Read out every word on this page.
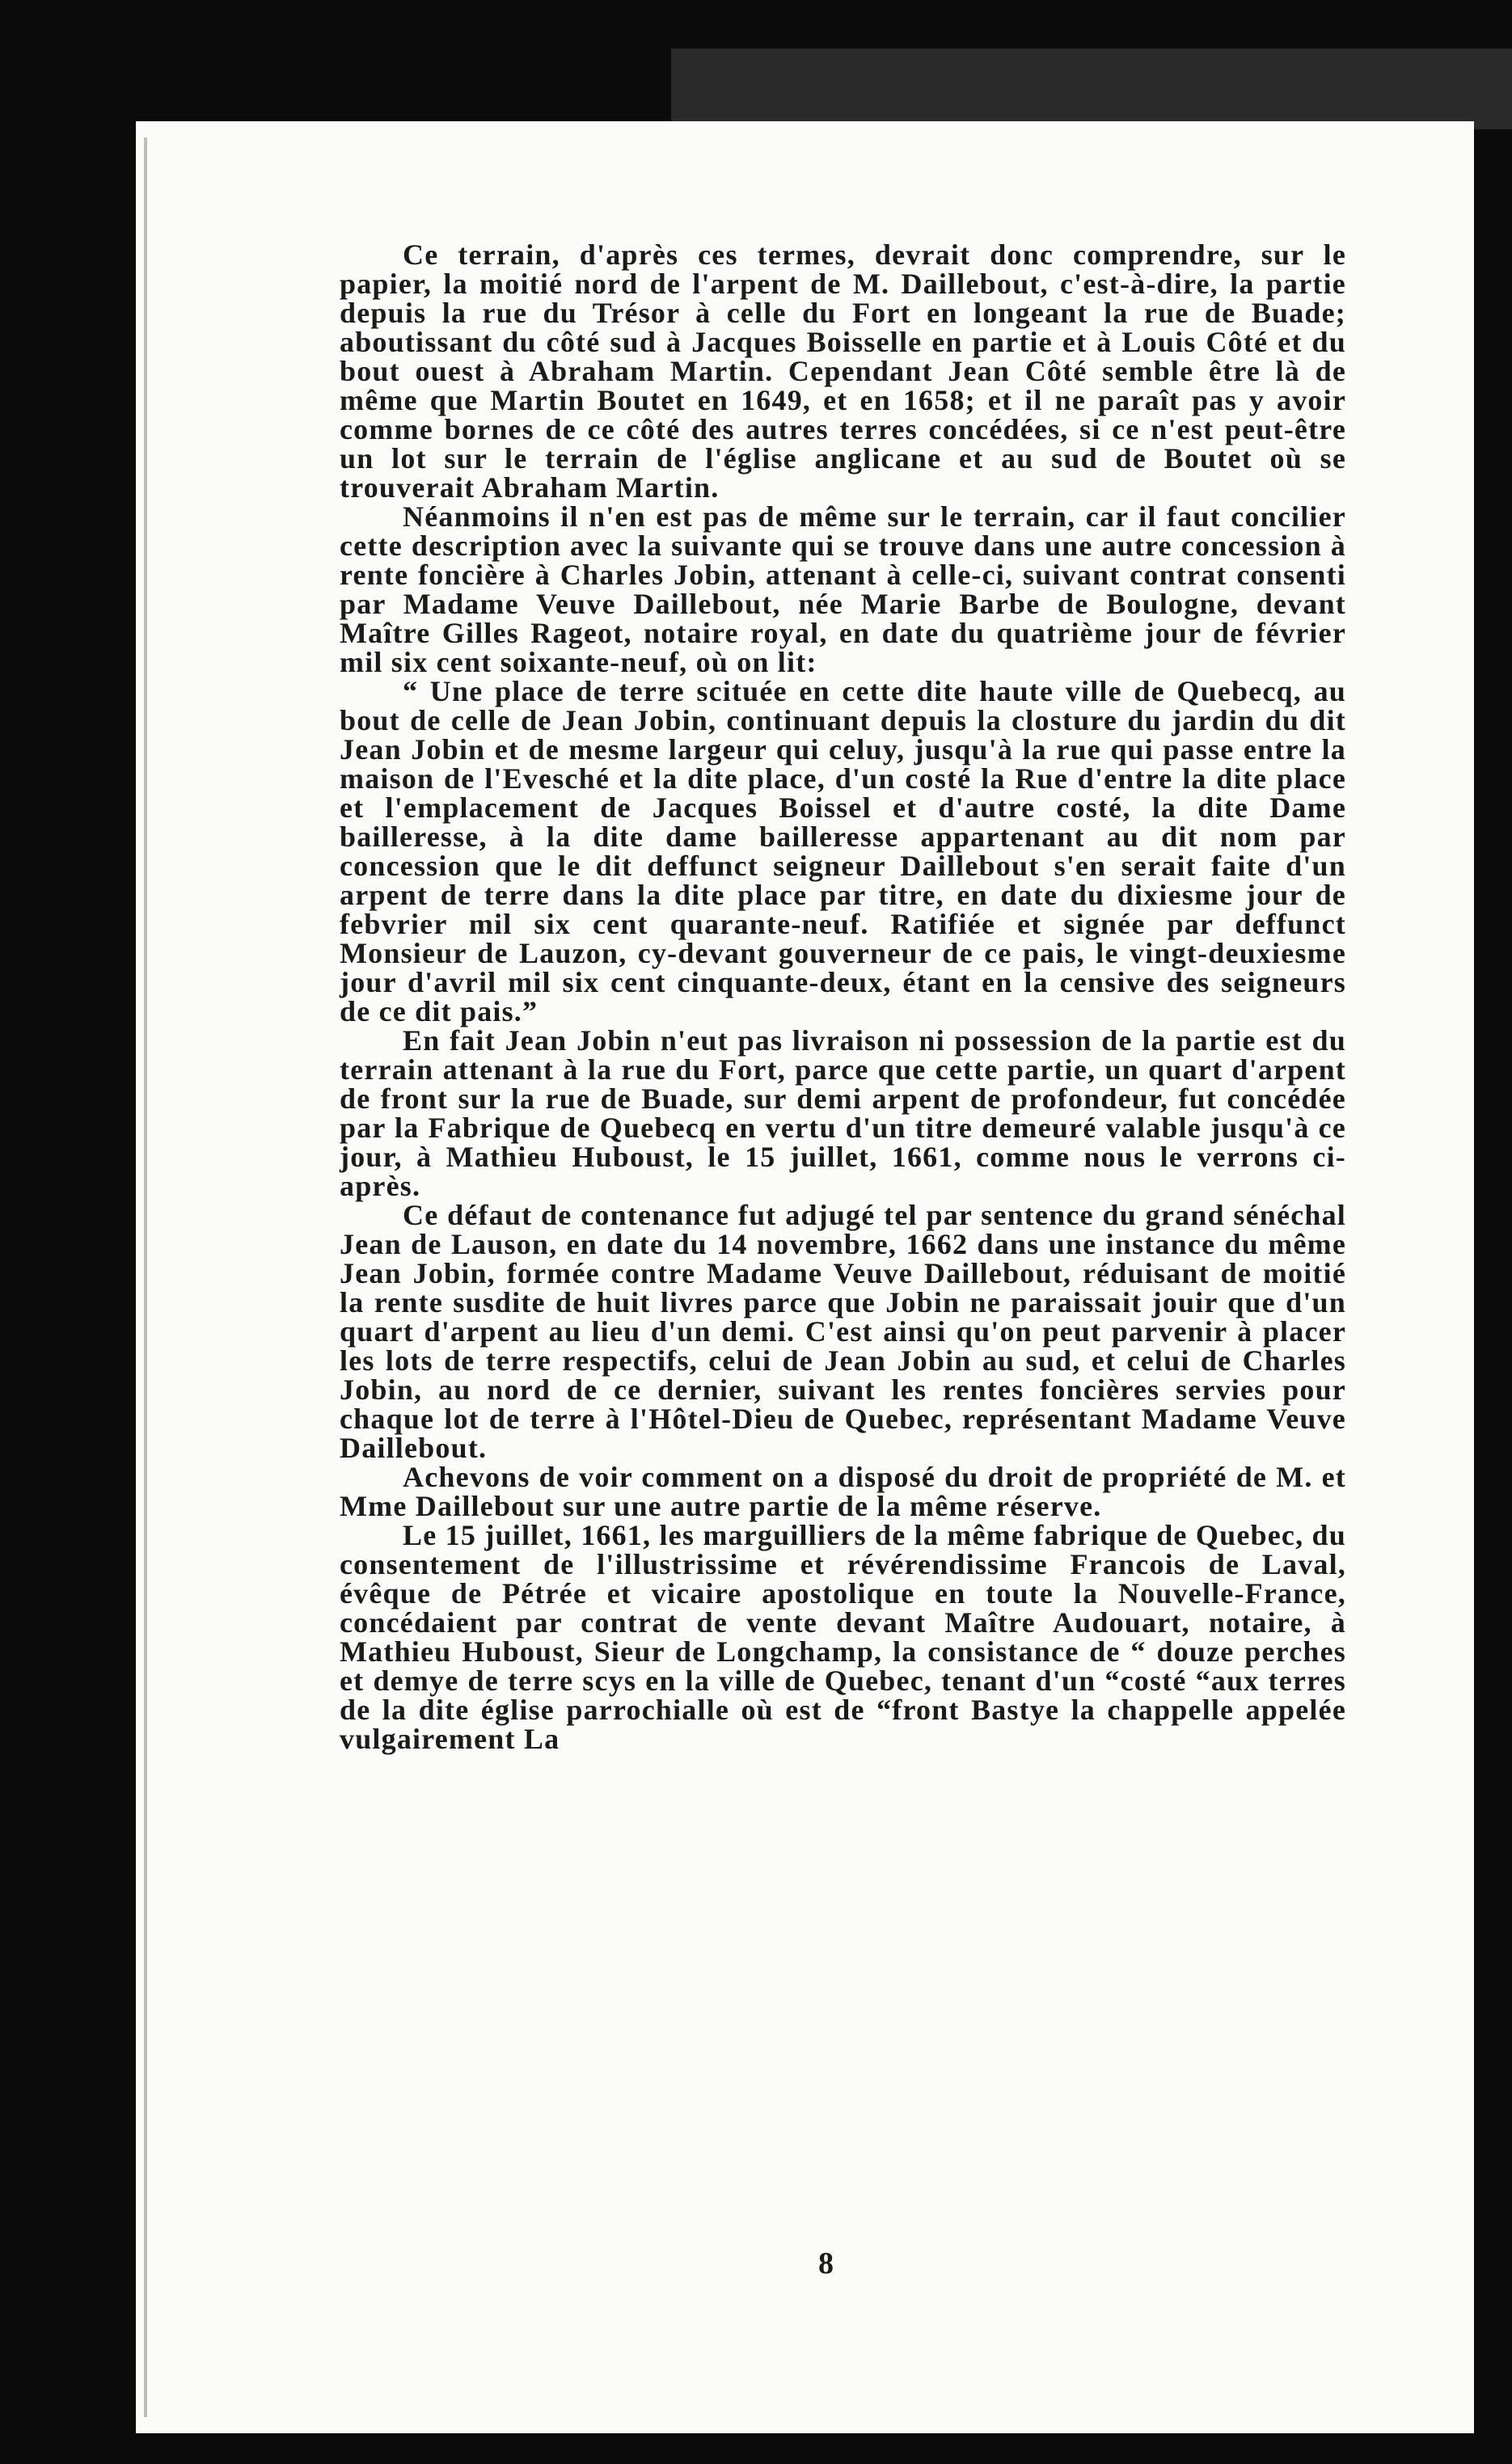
Ce terrain, d'après ces termes, devrait donc comprendre, sur le papier, la moitié nord de l'arpent de M. Daillebout, c'est-à-dire, la partie depuis la rue du Trésor à celle du Fort en longeant la rue de Buade; aboutissant du côté sud à Jacques Boisselle en partie et à Louis Côté et du bout ouest à Abraham Martin. Cependant Jean Côté semble être là de même que Martin Boutet en 1649, et en 1658; et il ne paraît pas y avoir comme bornes de ce côté des autres terres concédées, si ce n'est peut-être un lot sur le terrain de l'église anglicane et au sud de Boutet où se trouverait Abraham Martin.

Néanmoins il n'en est pas de même sur le terrain, car il faut concilier cette description avec la suivante qui se trouve dans une autre concession à rente foncière à Charles Jobin, attenant à celle-ci, suivant contrat consenti par Madame Veuve Daillebout, née Marie Barbe de Boulogne, devant Maître Gilles Rageot, notaire royal, en date du quatrième jour de février mil six cent soixante-neuf, où on lit:

“ Une place de terre scituée en cette dite haute ville de Quebecq, au bout de celle de Jean Jobin, continuant depuis la closture du jardin du dit Jean Jobin et de mesme largeur qui celuy, jusqu'à la rue qui passe entre la maison de l'Evesché et la dite place, d'un costé la Rue d'entre la dite place et l'emplacement de Jacques Boissel et d'autre costé, la dite Dame bailleresse, à la dite dame bailleresse appartenant au dit nom par concession que le dit deffunct seigneur Daillebout s'en serait faite d'un arpent de terre dans la dite place par titre, en date du dixiesme jour de febvrier mil six cent quarante-neuf. Ratifiée et signée par deffunct Monsieur de Lauzon, cy-devant gouverneur de ce pais, le vingt-deuxiesme jour d'avril mil six cent cinquante-deux, étant en la censive des seigneurs de ce dit pais.”

En fait Jean Jobin n'eut pas livraison ni possession de la partie est du terrain attenant à la rue du Fort, parce que cette partie, un quart d'arpent de front sur la rue de Buade, sur demi arpent de profondeur, fut concédée par la Fabrique de Quebecq en vertu d'un titre demeuré valable jusqu'à ce jour, à Mathieu Huboust, le 15 juillet, 1661, comme nous le verrons ci-après.

Ce défaut de contenance fut adjugé tel par sentence du grand sénéchal Jean de Lauson, en date du 14 novembre, 1662 dans une instance du même Jean Jobin, formée contre Madame Veuve Daillebout, réduisant de moitié la rente susdite de huit livres parce que Jobin ne paraissait jouir que d'un quart d'arpent au lieu d'un demi. C'est ainsi qu'on peut parvenir à placer les lots de terre respectifs, celui de Jean Jobin au sud, et celui de Charles Jobin, au nord de ce dernier, suivant les rentes foncières servies pour chaque lot de terre à l'Hôtel-Dieu de Quebec, représentant Madame Veuve Daillebout.

Achevons de voir comment on a disposé du droit de propriété de M. et Mme Daillebout sur une autre partie de la même réserve.

Le 15 juillet, 1661, les marguilliers de la même fabrique de Quebec, du consentement de l'illustrissime et révérendissime Francois de Laval, évêque de Pétrée et vicaire apostolique en toute la Nouvelle-France, concédaient par contrat de vente devant Maître Audouart, notaire, à Mathieu Huboust, Sieur de Longchamp, la consistance de “ douze perches et demye de terre scys en la ville de Quebec, tenant d'un “costé “aux terres de la dite église parrochialle où est de “front Bastye la chappelle appelée vulgairement La

8
